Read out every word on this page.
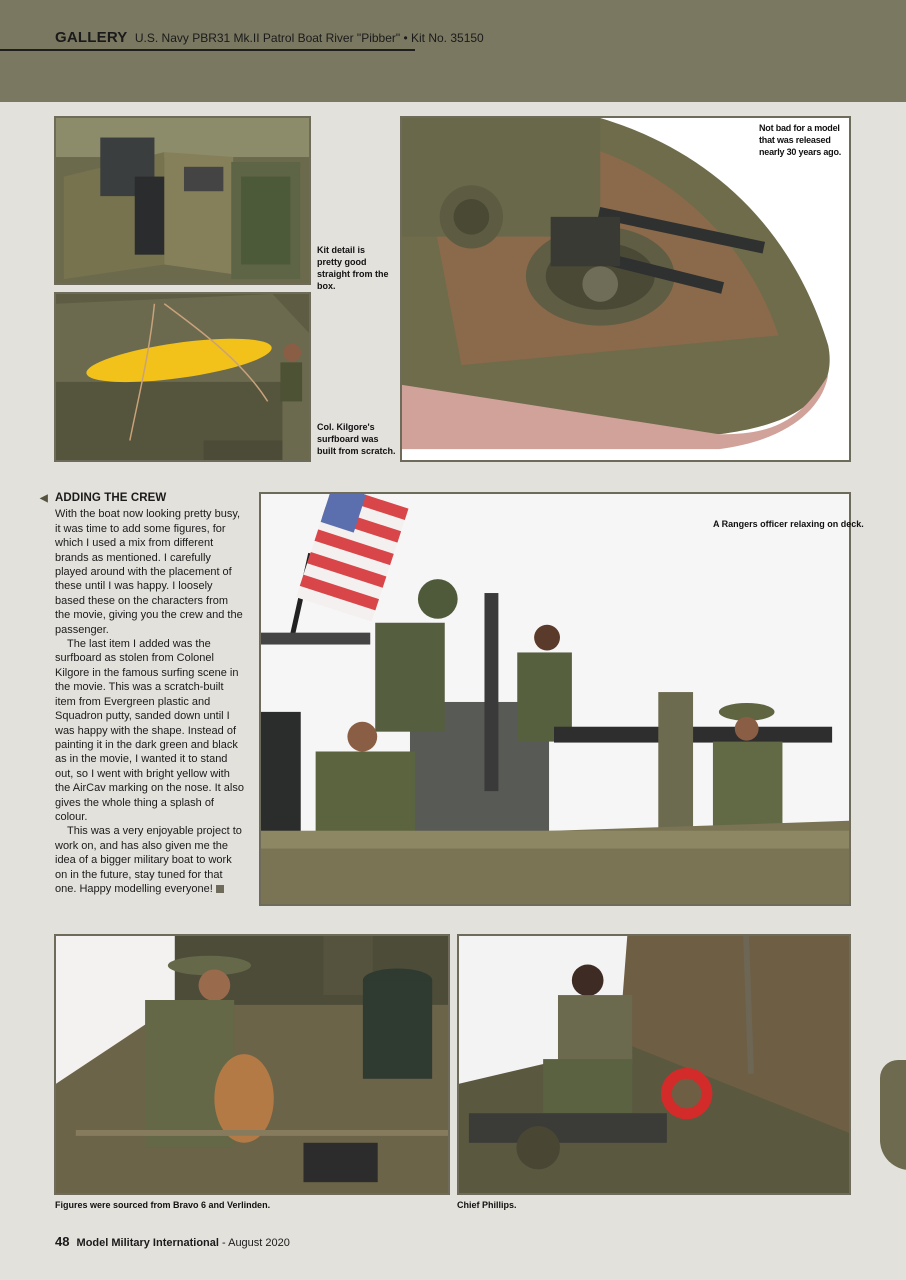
GALLERY U.S. Navy PBR31 Mk.II Patrol Boat River "Pibber" • Kit No. 35150
Kit detail is pretty good straight from the box.
Col. Kilgore's surfboard was built from scratch.
Not bad for a model that was released nearly 30 years ago.
◀ ADDING THE CREW

With the boat now looking pretty busy, it was time to add some figures, for which I used a mix from different brands as mentioned. I carefully played around with the placement of these until I was happy. I loosely based these on the characters from the movie, giving you the crew and the passenger.

The last item I added was the surfboard as stolen from Colonel Kilgore in the famous surfing scene in the movie. This was a scratch-built item from Evergreen plastic and Squadron putty, sanded down until I was happy with the shape. Instead of painting it in the dark green and black as in the movie, I wanted it to stand out, so I went with bright yellow with the AirCav marking on the nose. It also gives the whole thing a splash of colour.

This was a very enjoyable project to work on, and has also given me the idea of a bigger military boat to work on in the future, stay tuned for that one. Happy modelling everyone!

A Rangers officer relaxing on deck.
Figures were sourced from Bravo 6 and Verlinden.	Chief Phillips.
48 Model Military International - August 2020
